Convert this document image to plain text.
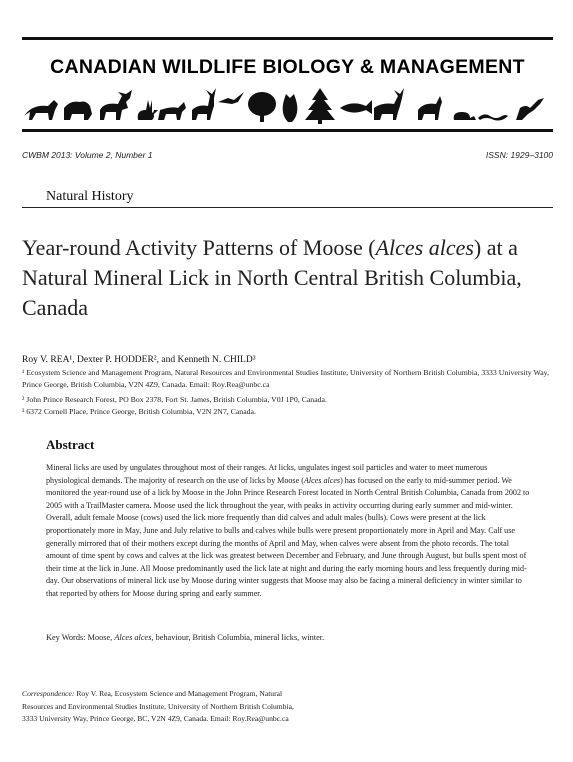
CANADIAN WILDLIFE BIOLOGY & MANAGEMENT
CWBM 2013: Volume 2, Number 1	ISSN: 1929–3100
Natural History
Year-round Activity Patterns of Moose (Alces alces) at a Natural Mineral Lick in North Central British Columbia, Canada
Roy V. REA¹, Dexter P. HODDER², and Kenneth N. CHILD³
¹ Ecosystem Science and Management Program, Natural Resources and Environmental Studies Institute, University of Northern British Columbia, 3333 University Way, Prince George, British Columbia, V2N 4Z9, Canada. Email: Roy.Rea@unbc.ca
² John Prince Research Forest, PO Box 2378, Fort St. James, British Columbia, V0J 1P0, Canada.
³ 6372 Cornell Place, Prince George, British Columbia, V2N 2N7, Canada.
Abstract
Mineral licks are used by ungulates throughout most of their ranges. At licks, ungulates ingest soil particles and water to meet numerous physiological demands. The majority of research on the use of licks by Moose (Alces alces) has focused on the early to mid-summer period. We monitored the year-round use of a lick by Moose in the John Prince Research Forest located in North Central British Columbia, Canada from 2002 to 2005 with a TrailMaster camera. Moose used the lick throughout the year, with peaks in activity occurring during early summer and mid-winter. Overall, adult female Moose (cows) used the lick more frequently than did calves and adult males (bulls). Cows were present at the lick proportionately more in May, June and July relative to bulls and calves while bulls were present proportionately more in April and May. Calf use generally mirrored that of their mothers except during the months of April and May, when calves were absent from the photo records. The total amount of time spent by cows and calves at the lick was greatest between December and February, and June through August, but bulls spent most of their time at the lick in June. All Moose predominantly used the lick late at night and during the early morning hours and less frequently during mid-day. Our observations of mineral lick use by Moose during winter suggests that Moose may also be facing a mineral deficiency in winter similar to that reported by others for Moose during spring and early summer.
Key Words: Moose, Alces alces, behaviour, British Columbia, mineral licks, winter.
Correspondence: Roy V. Rea, Ecosystem Science and Management Program, Natural Resources and Environmental Studies Institute, University of Northern British Columbia, 3333 University Way, Prince George, BC, V2N 4Z9, Canada. Email: Roy.Rea@unbc.ca
